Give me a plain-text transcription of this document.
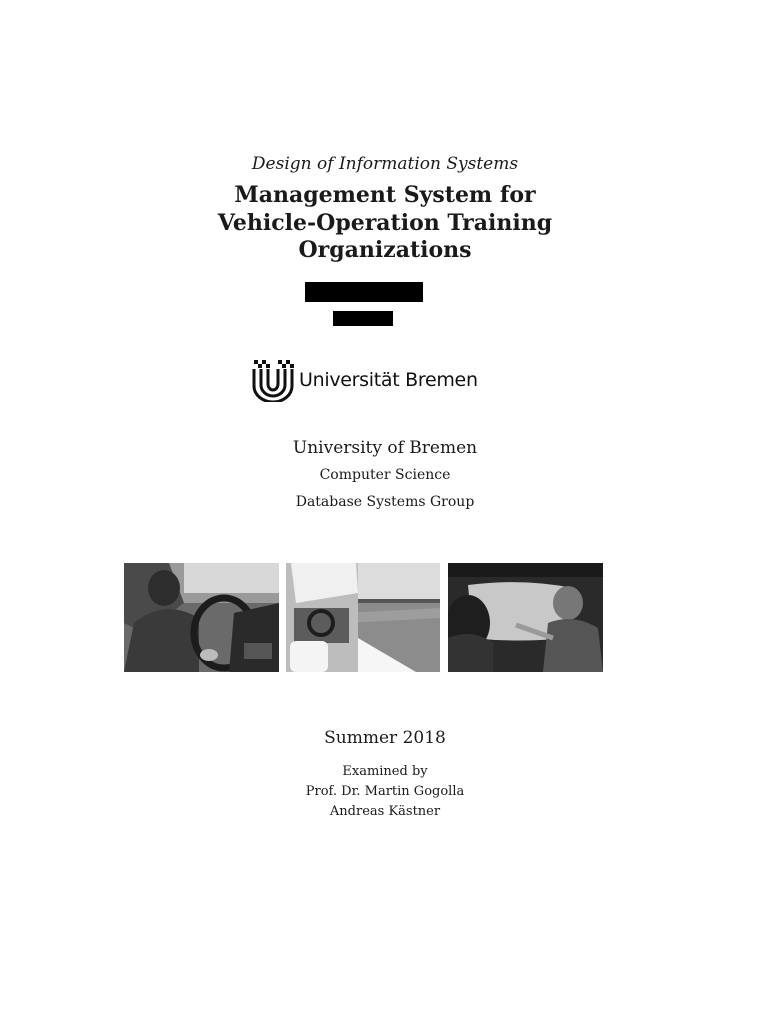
Design of Information Systems
Management System for
Vehicle-Operation Training
Organizations
Universität Bremen
University of Bremen
Computer Science
Database Systems Group
Summer 2018
Examined by
Prof. Dr. Martin Gogolla
Andreas Kästner
